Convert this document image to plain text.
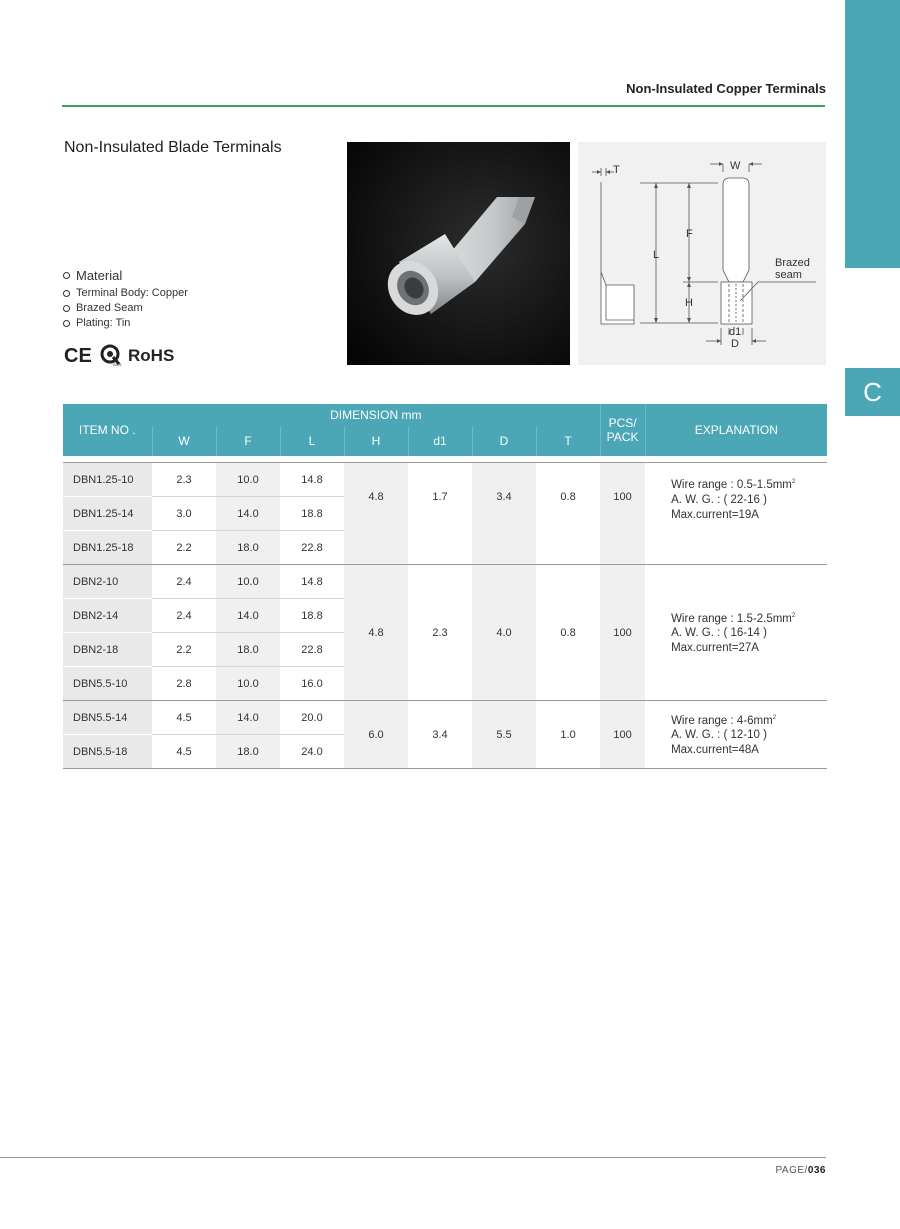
C
Non-Insulated Copper Terminals
Non-Insulated Blade Terminals
Material
Terminal Body: Copper
Brazed Seam
Plating: Tin
CE	SGS RoHS
T	W
F
L
H
d1
D
Brazed
seam
ITEM NO .	DIMENSION mm							PCS/
PACK	EXPLANATION
	W	F	L	H	d1	D	T		

DBN1.25-10	2.3	10.0	14.8	4.8	1.7	3.4	0.8	100	Wire range : $0.5-1.5mm^2$
A. W. G. : ( 22-16 )
Max.current=19A
DBN1.25-14	3.0	14.0	18.8						
DBN1.25-18	2.2	18.0	22.8						
DBN2-10	2.4	10.0	14.8	4.8	2.3	4.0	0.8	100	Wire range : $1.5-2.5mm^2$
A. W. G. : ( 16-14 )
Max.current=27A
DBN2-14	2.4	14.0	18.8						
DBN2-18	2.2	18.0	22.8						
DBN5.5-10	2.8	10.0	16.0						
DBN5.5-14	4.5	14.0	20.0	6.0	3.4	5.5	1.0	100	Wire range : $4-6mm^2$
A. W. G. : ( 12-10 )
Max.current=48A
DBN5.5-18	4.5	18.0	24.0						
PAGE/036
